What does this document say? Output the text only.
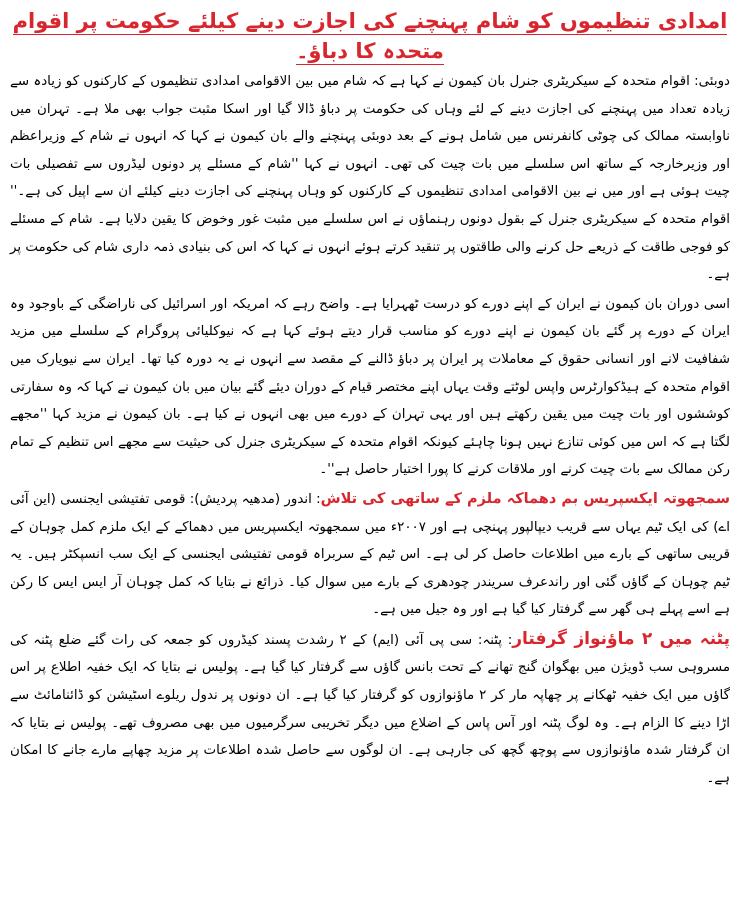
امدادی تنظیموں کو شام پہنچنے کی اجازت دینے کیلئے حکومت پر اقوام متحدہ کا دباؤ۔

دوبئی: اقوام متحدہ کے سیکریٹری جنرل بان کیمون نے کہا ہے کہ شام میں بین الاقوامی امدادی تنظیموں کے کارکنوں کو زیادہ سے زیادہ تعداد میں پہنچنے کی اجازت دینے کے لئے وہاں کی حکومت پر دباؤ ڈالا گیا اور اسکا مثبت جواب بھی ملا ہے۔ تہران میں ناوابستہ ممالک کی چوٹی کانفرنس میں شامل ہونے کے بعد دوبئی پہنچنے والے بان کیمون نے کہا کہ انہوں نے شام کے وزیراعظم اور وزیرخارجہ کے ساتھ اس سلسلے میں بات چیت کی تھی۔ انہوں نے کہا ''شام کے مسئلے پر دونوں لیڈروں سے تفصیلی بات چیت ہوئی ہے اور میں نے بین الاقوامی امدادی تنظیموں کے کارکنوں کو وہاں پہنچنے کی اجازت دینے کیلئے ان سے اپیل کی ہے۔'' اقوام متحدہ کے سیکریٹری جنرل کے بقول دونوں رہنماؤں نے اس سلسلے میں مثبت غور وخوض کا یقین دلایا ہے۔ شام کے مسئلے کو فوجی طاقت کے ذریعے حل کرنے والی طاقتوں پر تنقید کرتے ہوئے انہوں نے کہا کہ اس کی بنیادی ذمہ داری شام کی حکومت پر ہے۔

اسی دوران بان کیمون نے ایران کے اپنے دورے کو درست ٹھہرایا ہے۔ واضح رہے کہ امریکہ اور اسرائیل کی ناراضگی کے باوجود وہ ایران کے دورے پر گئے بان کیمون نے اپنے دورے کو مناسب قرار دیتے ہوئے کہا ہے کہ نیوکلیائی پروگرام کے سلسلے میں مزید شفافیت لانے اور انسانی حقوق کے معاملات پر ایران پر دباؤ ڈالنے کے مقصد سے انہوں نے یہ دورہ کیا تھا۔ ایران سے نیویارک میں اقوام متحدہ کے ہیڈکوارٹرس واپس لوٹتے وقت یہاں اپنے مختصر قیام کے دوران دیئے گئے بیان میں بان کیمون نے کہا کہ وہ سفارتی کوششوں اور بات چیت میں یقین رکھتے ہیں اور یہی تہران کے دورے میں بھی انہوں نے کیا ہے۔ بان کیمون نے مزید کہا ''مجھے لگتا ہے کہ اس میں کوئی تنازع نہیں ہونا چاہئے کیونکہ اقوام متحدہ کے سیکریٹری جنرل کی حیثیت سے مجھے اس تنظیم کے تمام رکن ممالک سے بات چیت کرنے اور ملاقات کرنے کا پورا اختیار حاصل ہے''۔

سمجھوتہ ایکسپریس بم دھماکہ ملزم کے ساتھی کی تلاش: اندور (مدھیہ پردیش): قومی تفتیشی ایجنسی (این آئی اے) کی ایک ٹیم یہاں سے قریب دیپالپور پہنچی ہے اور ۲۰۰۷ء میں سمجھوتہ ایکسپریس میں دھماکے کے ایک ملزم کمل چوہان کے قریبی ساتھی کے بارے میں اطلاعات حاصل کر لی ہے۔ اس ٹیم کے سربراہ قومی تفتیشی ایجنسی کے ایک سب انسپکٹر ہیں۔ یہ ٹیم چوہان کے گاؤں گئی اور راندعرف سریندر چودھری کے بارے میں سوال کیا۔ ذرائع نے بتایا کہ کمل چوہان آر ایس ایس کا رکن ہے اسے پہلے ہی گھر سے گرفتار کیا گیا ہے اور وہ جیل میں ہے۔

پٹنہ میں ۲ ماؤنواز گرفتار: پٹنہ: سی پی آئی (ایم) کے ۲ رشدت پسند کیڈروں کو جمعہ کی رات گئے ضلع پٹنہ کی مسروہی سب ڈویژن میں بھگوان گنج تھانے کے تحت بانس گاؤں سے گرفتار کیا گیا ہے۔ پولیس نے بتایا کہ ایک خفیہ اطلاع پر اس گاؤں میں ایک خفیہ ٹھکانے پر چھاپہ مار کر ۲ ماؤنوازوں کو گرفتار کیا گیا ہے۔ ان دونوں پر ندول ریلوے اسٹیشن کو ڈائنامائٹ سے اڑا دینے کا الزام ہے۔ وہ لوگ پٹنہ اور آس پاس کے اضلاع میں دیگر تخریبی سرگرمیوں میں بھی مصروف تھے۔ پولیس نے بتایا کہ ان گرفتار شدہ ماؤنوازوں سے پوچھ گچھ کی جارہی ہے۔ ان لوگوں سے حاصل شدہ اطلاعات پر مزید چھاپے مارے جانے کا امکان ہے۔
